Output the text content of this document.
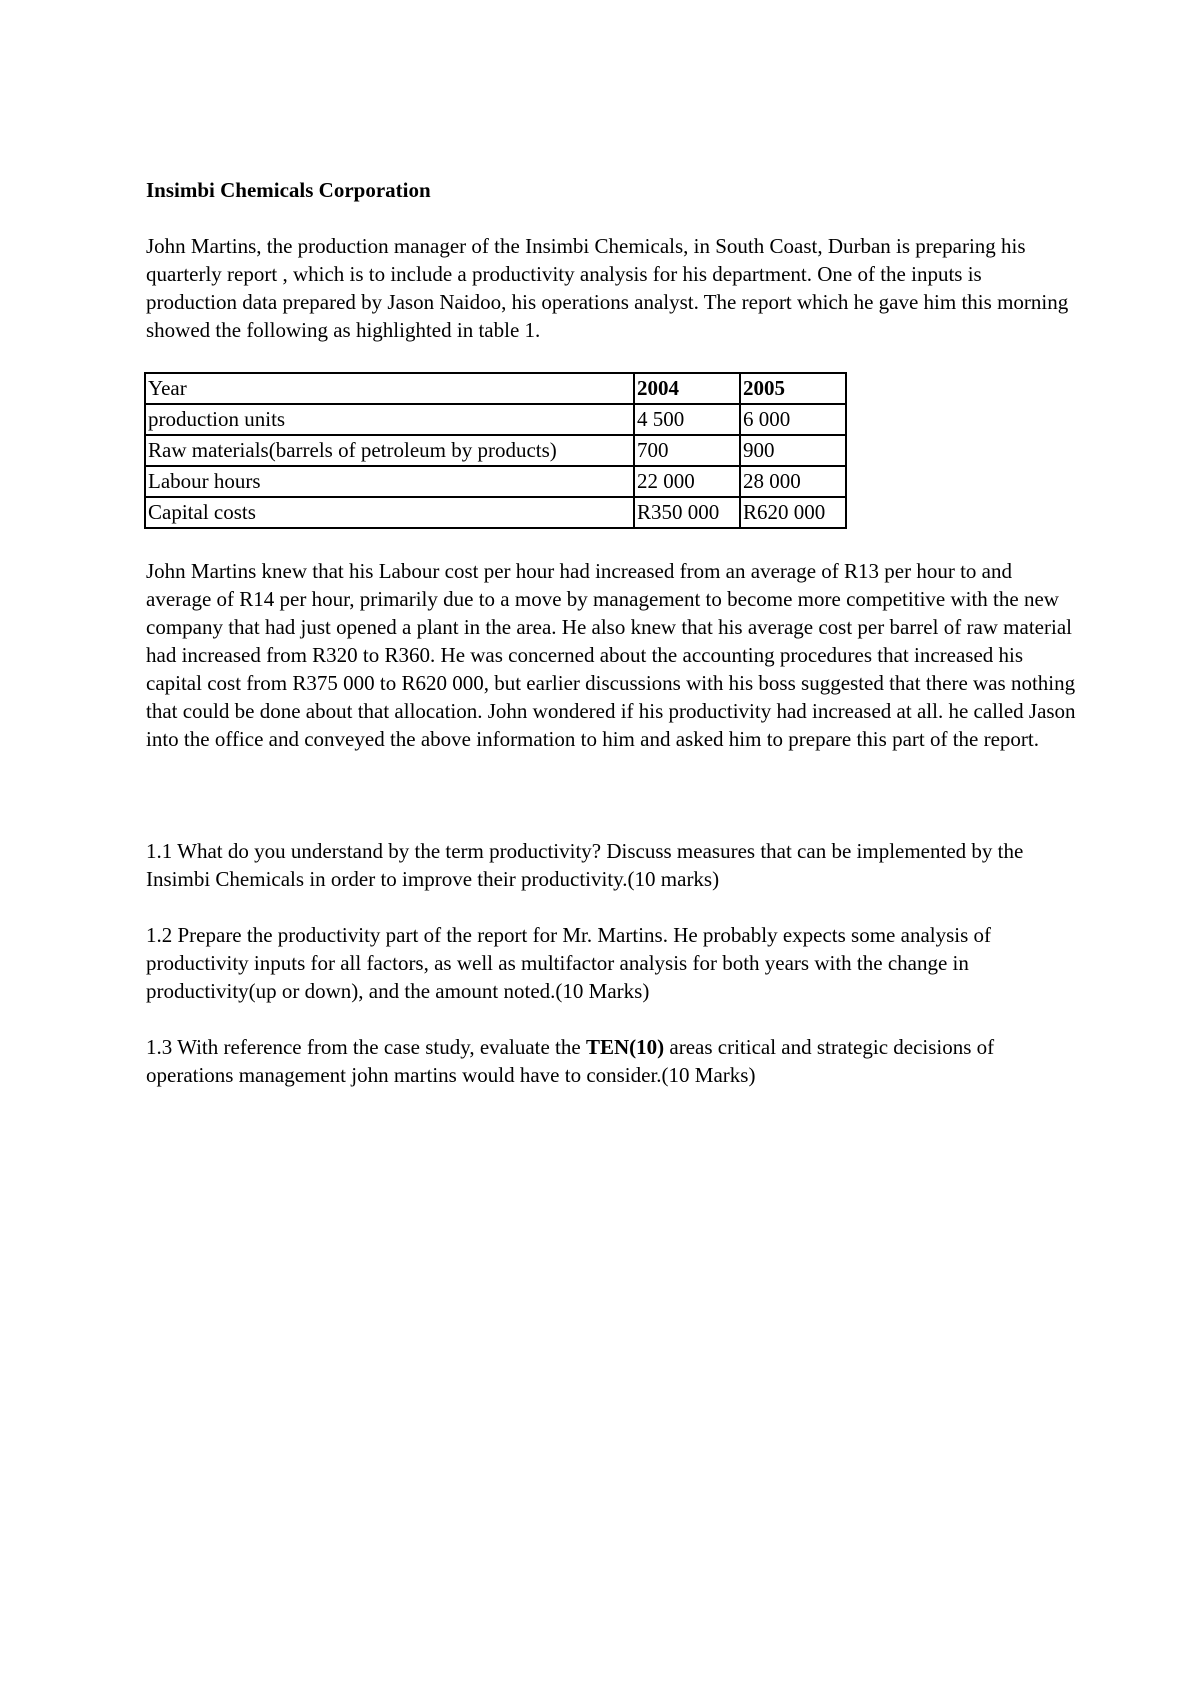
Insimbi Chemicals Corporation
John Martins, the production manager of the Insimbi Chemicals, in South Coast, Durban is preparing his quarterly report , which is to include a productivity analysis for his department. One of the inputs is production data prepared by Jason Naidoo, his operations analyst. The report which he gave him this morning showed the following as highlighted in table 1.
Year	2004	2005
production units	4 500	6 000
Raw materials(barrels of petroleum by products)	700	900
Labour hours	22 000	28 000
Capital costs	R350 000	R620 000
John Martins knew that his Labour cost per hour had increased from an average of R13 per hour to and average of R14 per hour, primarily due to a move by management to become more competitive with the new company that had just opened a plant in the area. He also knew that his average cost per barrel of raw material had increased from R320 to R360. He was concerned about the accounting procedures that increased his capital cost from R375 000 to R620 000, but earlier discussions with his boss suggested that there was nothing that could be done about that allocation. John wondered if his productivity had increased at all. he called Jason into the office and conveyed the above information to him and asked him to prepare this part of the report.
1.1 What do you understand by the term productivity? Discuss measures that can be implemented by the Insimbi Chemicals in order to improve their productivity.(10 marks)
1.2 Prepare the productivity part of the report for Mr. Martins. He probably expects some analysis of productivity inputs for all factors, as well as multifactor analysis for both years with the change in productivity(up or down), and the amount noted.(10 Marks)
1.3 With reference from the case study, evaluate the TEN(10) areas critical and strategic decisions of operations management john martins would have to consider.(10 Marks)
